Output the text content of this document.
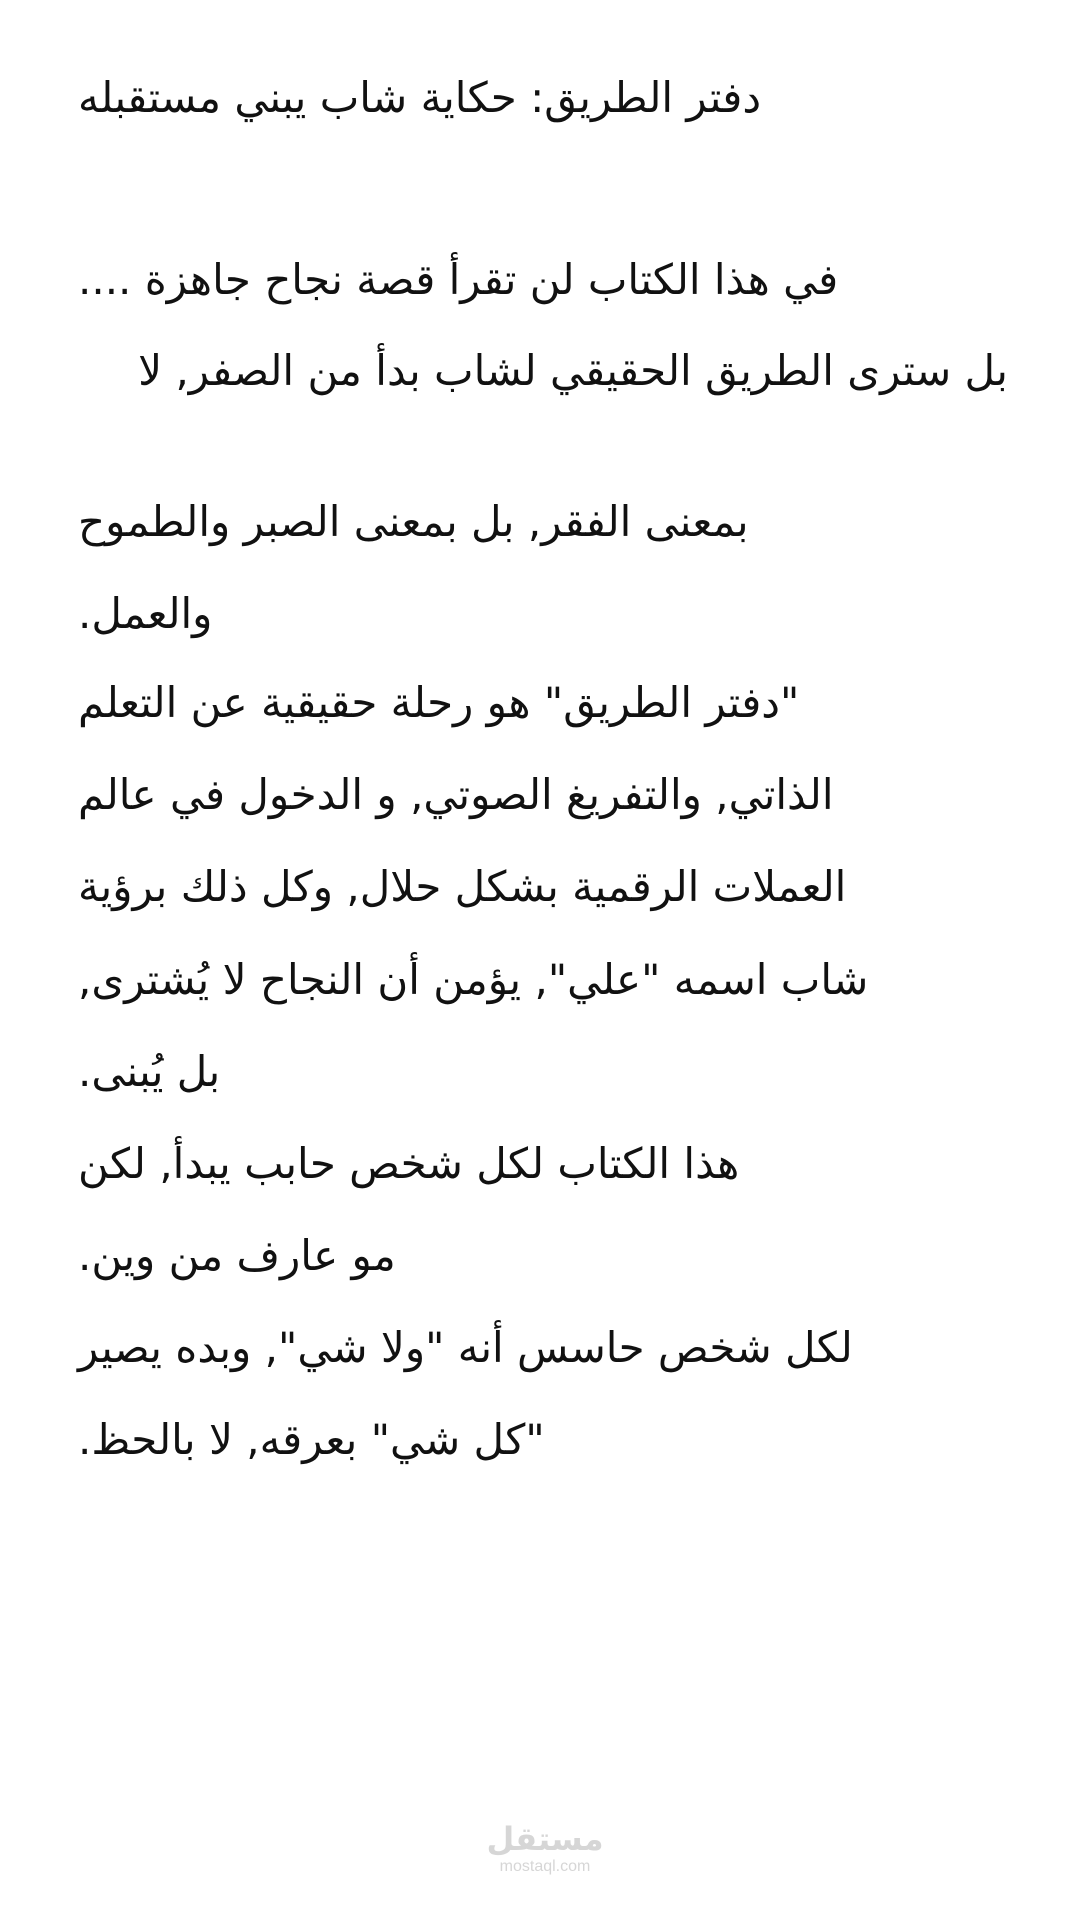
دفتر الطريق: حكاية شاب يبني مستقبله
في هذا الكتاب لن تقرأ قصة نجاح جاهزة ....
بل سترى الطريق الحقيقي لشاب بدأ من الصفر, لا
بمعنى الفقر, بل بمعنى الصبر والطموح
والعمل.
"دفتر الطريق" هو رحلة حقيقية عن التعلم
الذاتي, والتفريغ الصوتي, و الدخول في عالم
العملات الرقمية بشكل حلال, وكل ذلك برؤية
شاب اسمه "علي", يؤمن أن النجاح لا يُشترى,
بل يُبنى.
هذا الكتاب لكل شخص حابب يبدأ, لكن
مو عارف من وين.
لكل شخص حاسس أنه "ولا شي", وبده يصير
"كل شي" بعرقه, لا بالحظ.
مستقل
mostaql.com
